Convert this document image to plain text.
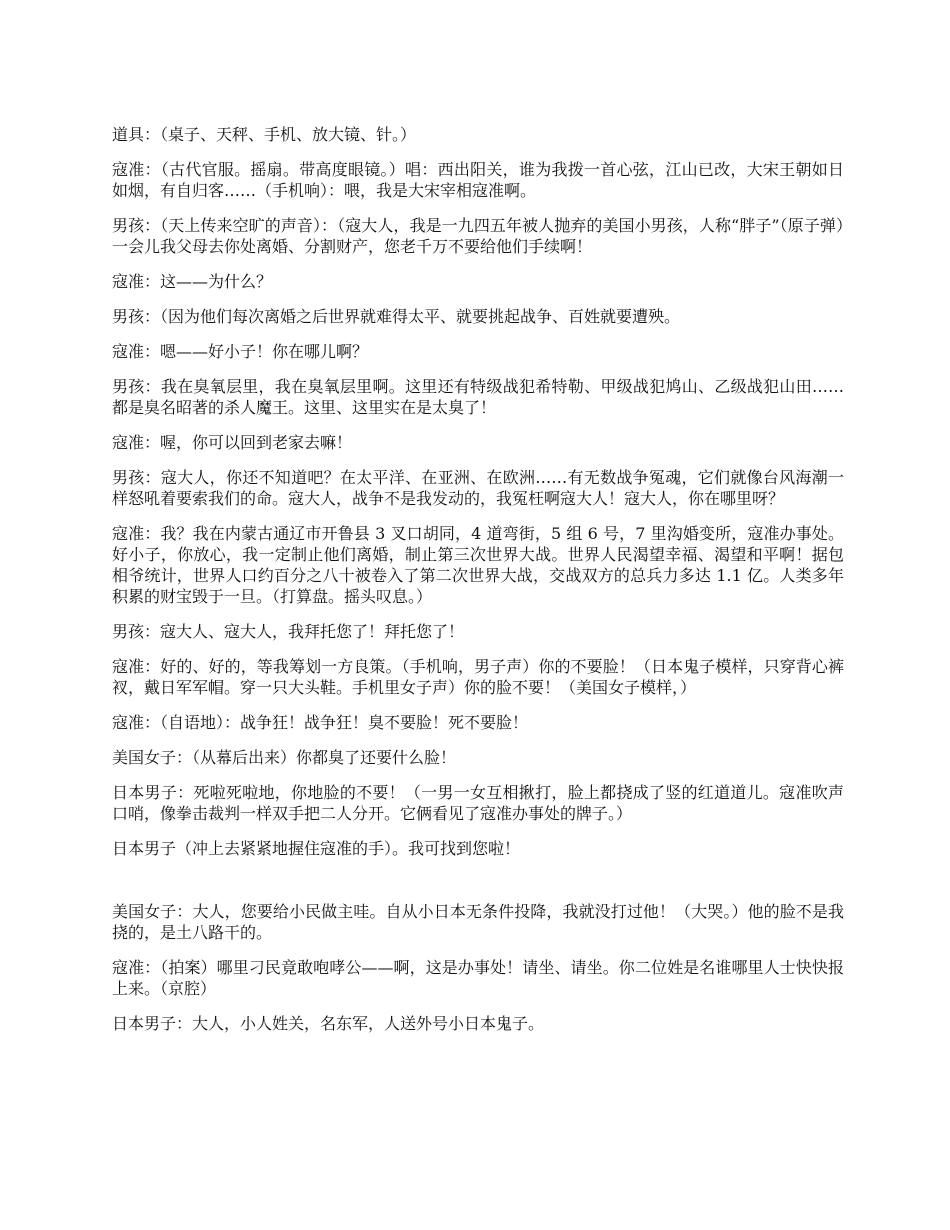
道具：（桌子、天秤、手机、放大镜、针。）

寇准：（古代官服。摇扇。带高度眼镜。）唱：西出阳关，谁为我拨一首心弦，江山已改，大宋王朝如日如烟，有自归客……（手机响）：喂，我是大宋宰相寇准啊。

男孩：（天上传来空旷的声音）：（寇大人，我是一九四五年被人抛弃的美国小男孩，人称“胖子”（原子弹）一会儿我父母去你处离婚、分割财产，您老千万不要给他们手续啊！

寇准：这——为什么？

男孩：（因为他们每次离婚之后世界就难得太平、就要挑起战争、百姓就要遭殃。

寇准：嗯——好小子！你在哪儿啊？

男孩：我在臭氧层里，我在臭氧层里啊。这里还有特级战犯希特勒、甲级战犯鸠山、乙级战犯山田……都是臭名昭著的杀人魔王。这里、这里实在是太臭了！

寇准：喔，你可以回到老家去嘛！

男孩：寇大人，你还不知道吧？在太平洋、在亚洲、在欧洲……有无数战争冤魂，它们就像台风海潮一样怒吼着要索我们的命。寇大人，战争不是我发动的，我冤枉啊寇大人！寇大人，你在哪里呀？

寇准：我？我在内蒙古通辽市开鲁县 3 叉口胡同，4 道弯街，5 组 6 号，7 里沟婚变所，寇准办事处。好小子，你放心，我一定制止他们离婚，制止第三次世界大战。世界人民渴望幸福、渴望和平啊！据包相爷统计，世界人口约百分之八十被卷入了第二次世界大战，交战双方的总兵力多达 1.1 亿。人类多年积累的财宝毁于一旦。（打算盘。摇头叹息。）

男孩：寇大人、寇大人，我拜托您了！拜托您了！

寇准：好的、好的，等我筹划一方良策。（手机响，男子声）你的不要脸！（日本鬼子模样，只穿背心裤衩，戴日军军帽。穿一只大头鞋。手机里女子声）你的脸不要！（美国女子模样，）

寇准：（自语地）：战争狂！战争狂！臭不要脸！死不要脸！

美国女子：（从幕后出来）你都臭了还要什么脸！

日本男子：死啦死啦地，你地脸的不要！（一男一女互相揪打，脸上都挠成了竖的红道道儿。寇准吹声口哨，像拳击裁判一样双手把二人分开。它俩看见了寇准办事处的牌子。）

日本男子（冲上去紧紧地握住寇准的手）。我可找到您啦！

美国女子：大人，您要给小民做主哇。自从小日本无条件投降，我就没打过他！（大哭。）他的脸不是我挠的，是土八路干的。

寇准：（拍案）哪里刁民竟敢咆哮公——啊，这是办事处！请坐、请坐。你二位姓是名谁哪里人士快快报上来。（京腔）

日本男子：大人，小人姓关，名东军，人送外号小日本鬼子。
